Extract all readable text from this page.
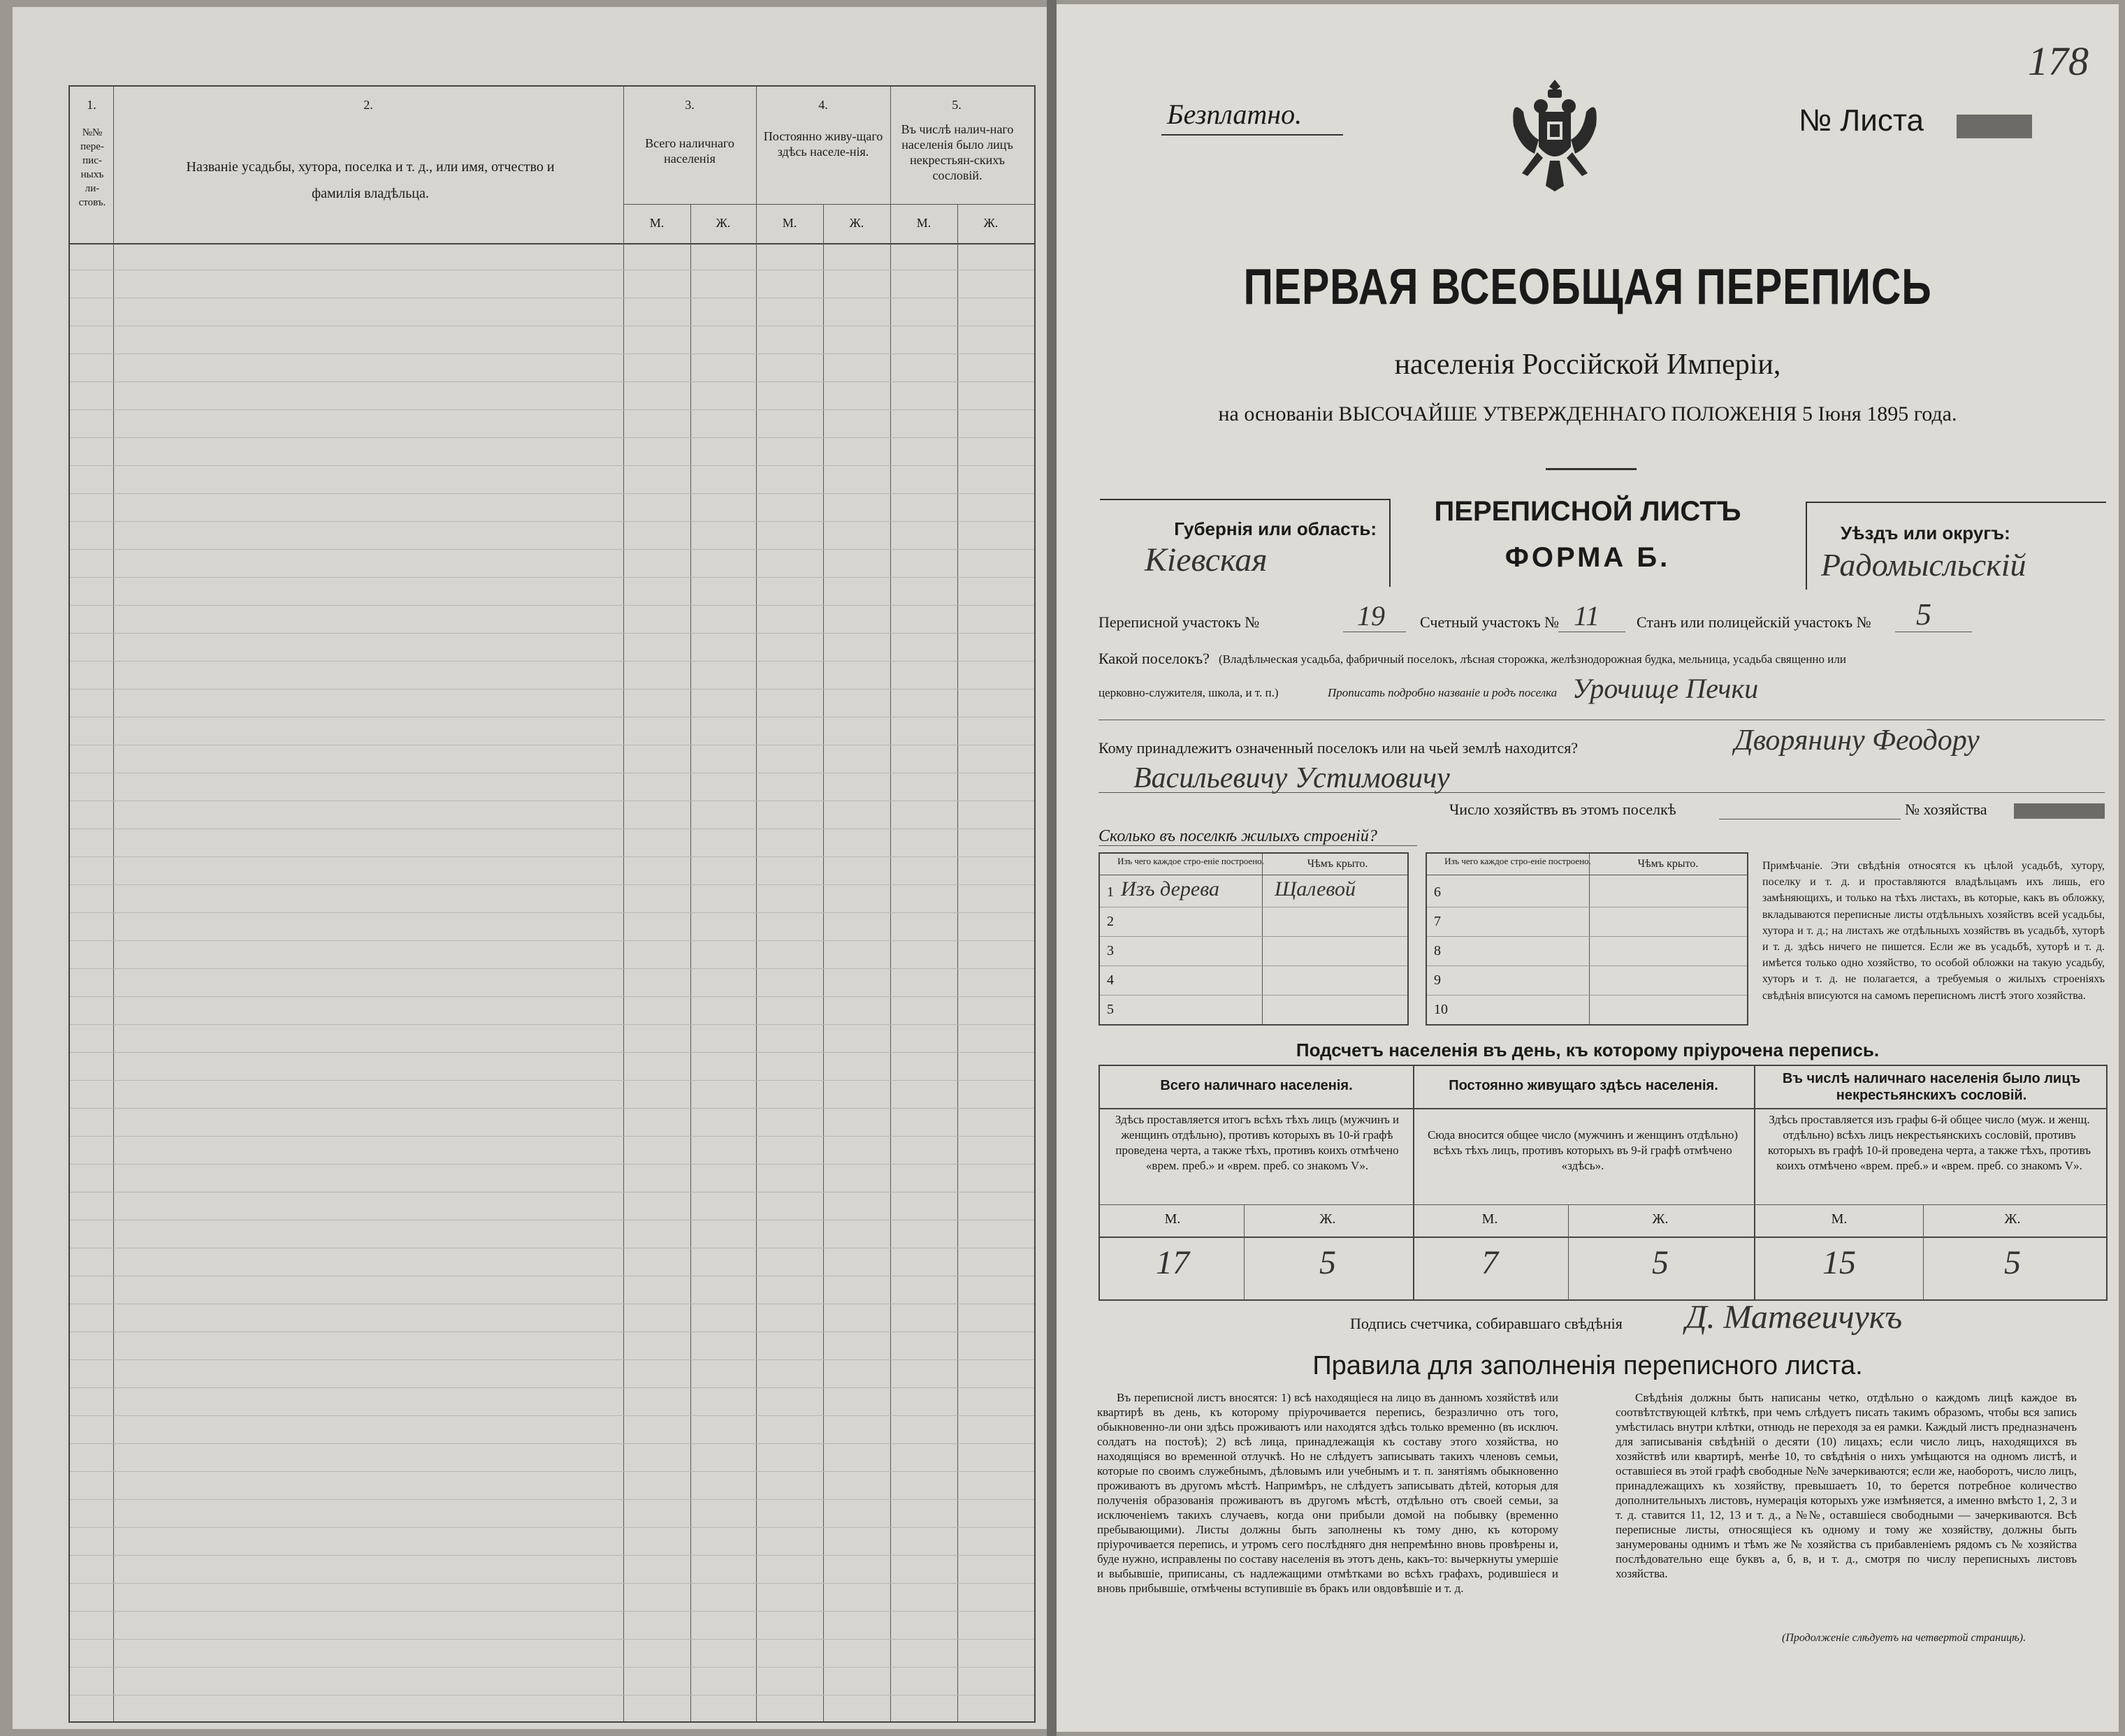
1.
№№ пере-пис-ныхъ ли-стовъ.
2.
Названіе усадьбы, хутора, поселка и т. д., или имя, отчество и фамилія владѣльца.
3.
Всего наличнаго населенія
4.
Постоянно живу-щаго здѣсь населе-нія.
5.
Въ числѣ налич-наго населенія было лицъ некрестьян-скихъ сословій.
М.	Ж.	М.	Ж.	М.	Ж.
Безплатно.	№ Листа
178
ПЕРВАЯ ВСЕОБЩАЯ ПЕРЕПИСЬ
населенія Россійской Имперіи,
на основаніи ВЫСОЧАЙШЕ УТВЕРЖДЕННАГО ПОЛОЖЕНІЯ 5 Іюня 1895 года.
Губернія или область:
Кіевская
ПЕРЕПИСНОЙ ЛИСТЪ
ФОРМА Б.
Уѣздъ или округъ:
Радомысльскій
Переписной участокъ №	19 Счетный участокъ № 11 Станъ или полицейскій участокъ № 5
Какой поселокъ? (Владѣльческая усадьба, фабричный поселокъ, лѣсная сторожка, желѣзнодорожная будка, мельница, усадьба священно или
церковно-служителя, школа, и т. п.)	Прописать подробно названіе и родъ поселка Урочище Печки
Кому принадлежитъ означенный поселокъ или на чьей землѣ находится?	Дворянину Феодору
Васильевичу Устимовичу
Число хозяйствъ въ этомъ поселкѣ	№ хозяйства
Сколько въ поселкѣ жилыхъ строеній?
Изъ чего каждое стро-еніе построено.	Чѣмъ крыто.
1 Изъ дерева	Щалевой
2
3
4
5
Изъ чего каждое стро-еніе построено.	Чѣмъ крыто.
6
7
8
9
10
Примѣчаніе. Эти свѣдѣнія относятся къ цѣлой усадьбѣ, хутору, поселку и т. д. и проставляются владѣльцамъ ихъ лишь, его замѣняющихъ, и только на тѣхъ листахъ, въ которые, какъ въ обложку, вкладываются переписные листы отдѣльныхъ хозяйствъ всей усадьбы, хутора и т. д.; на листахъ же отдѣльныхъ хозяйствъ въ усадьбѣ, хуторѣ и т. д. здѣсь ничего не пишется. Если же въ усадьбѣ, хуторѣ и т. д. имѣется только одно хозяйство, то особой обложки на такую усадьбу, хуторъ и т. д. не полагается, а требуемыя о жилыхъ строеніяхъ свѣдѣнія вписуются на самомъ переписномъ листѣ этого хозяйства.
Подсчетъ населенія въ день, къ которому пріурочена перепись.
Всего наличнаго населенія.	Постоянно живущаго здѣсь населенія.	Въ числѣ наличнаго населенія было лицъ некрестьянскихъ сословій.
Здѣсь проставляется итогъ всѣхъ тѣхъ лицъ (мужчинъ и женщинъ отдѣльно), противъ которыхъ въ 10-й графѣ проведена черта, а также тѣхъ, противъ коихъ отмѣчено «врем. преб.» и «врем. преб. со знакомъ V».
Сюда вносится общее число (мужчинъ и женщинъ отдѣльно) всѣхъ тѣхъ лицъ, противъ которыхъ въ 9-й графѣ отмѣчено «здѣсь».
Здѣсь проставляется изъ графы 6-й общее число (муж. и женщ. отдѣльно) всѣхъ лицъ некрестьянскихъ сословій, противъ которыхъ въ графѣ 10-й проведена черта, а также тѣхъ, противъ коихъ отмѣчено «врем. преб.» и «врем. преб. со знакомъ V».
М.	Ж.	М.	Ж.	М.	Ж.
17	5	7	5	15	5
Подпись счетчика, собиравшаго свѣдѣнія Д. Матвеичукъ
Правила для заполненія переписного листа.
Въ переписной листъ вносятся: 1) всѣ находящіеся на лицо въ данномъ хозяйствѣ или квартирѣ въ день, къ которому пріурочивается перепись, безразлично отъ того, обыкновенно-ли они здѣсь проживаютъ или находятся здѣсь только временно (въ исключ. солдатъ на постоѣ); 2) всѣ лица, принадлежащія къ составу этого хозяйства, но находящіяся во временной отлучкѣ. Но не слѣдуетъ записывать такихъ членовъ семьи, которые по своимъ служебнымъ, дѣловымъ или учебнымъ и т. п. занятіямъ обыкновенно проживаютъ въ другомъ мѣстѣ. Напримѣръ, не слѣдуетъ записывать дѣтей, которыя для полученія образованія проживаютъ въ другомъ мѣстѣ, отдѣльно отъ своей семьи, за исключеніемъ такихъ случаевъ, когда они прибыли домой на побывку (временно пребывающими). Листы должны быть заполнены къ тому дню, къ которому пріурочивается перепись, и утромъ сего послѣдняго дня непремѣнно вновь провѣрены и, буде нужно, исправлены по составу населенія въ этотъ день, какъ-то: вычеркнуты умершіе и выбывшіе, приписаны, съ надлежащими отмѣтками во всѣхъ графахъ, родившіеся и вновь прибывшіе, отмѣчены вступившіе въ бракъ или овдовѣвшіе и т. д.
Свѣдѣнія должны быть написаны четко, отдѣльно о каждомъ лицѣ каждое въ соотвѣтствующей клѣткѣ, при чемъ слѣдуетъ писать такимъ образомъ, чтобы вся запись умѣстилась внутри клѣтки, отнюдь не переходя за ея рамки. Каждый листъ предназначенъ для записыванія свѣдѣній о десяти (10) лицахъ; если число лицъ, находящихся въ хозяйствѣ или квартирѣ, менѣе 10, то свѣдѣнія о нихъ умѣщаются на одномъ листѣ, и оставшіеся въ этой графѣ свободные №№ зачеркиваются; если же, наоборотъ, число лицъ, принадлежащихъ къ хозяйству, превышаетъ 10, то берется потребное количество дополнительныхъ листовъ, нумерація которыхъ уже измѣняется, а именно вмѣсто 1, 2, 3 и т. д. ставится 11, 12, 13 и т. д., а №№, оставшіеся свободными — зачеркиваются. Всѣ переписные листы, относящіеся къ одному и тому же хозяйству, должны быть занумерованы однимъ и тѣмъ же № хозяйства съ прибавленіемъ рядомъ съ № хозяйства послѣдовательно еще буквъ а, б, в, и т. д., смотря по числу переписныхъ листовъ хозяйства.
(Продолженіе слѣдуетъ на четвертой страницѣ).
